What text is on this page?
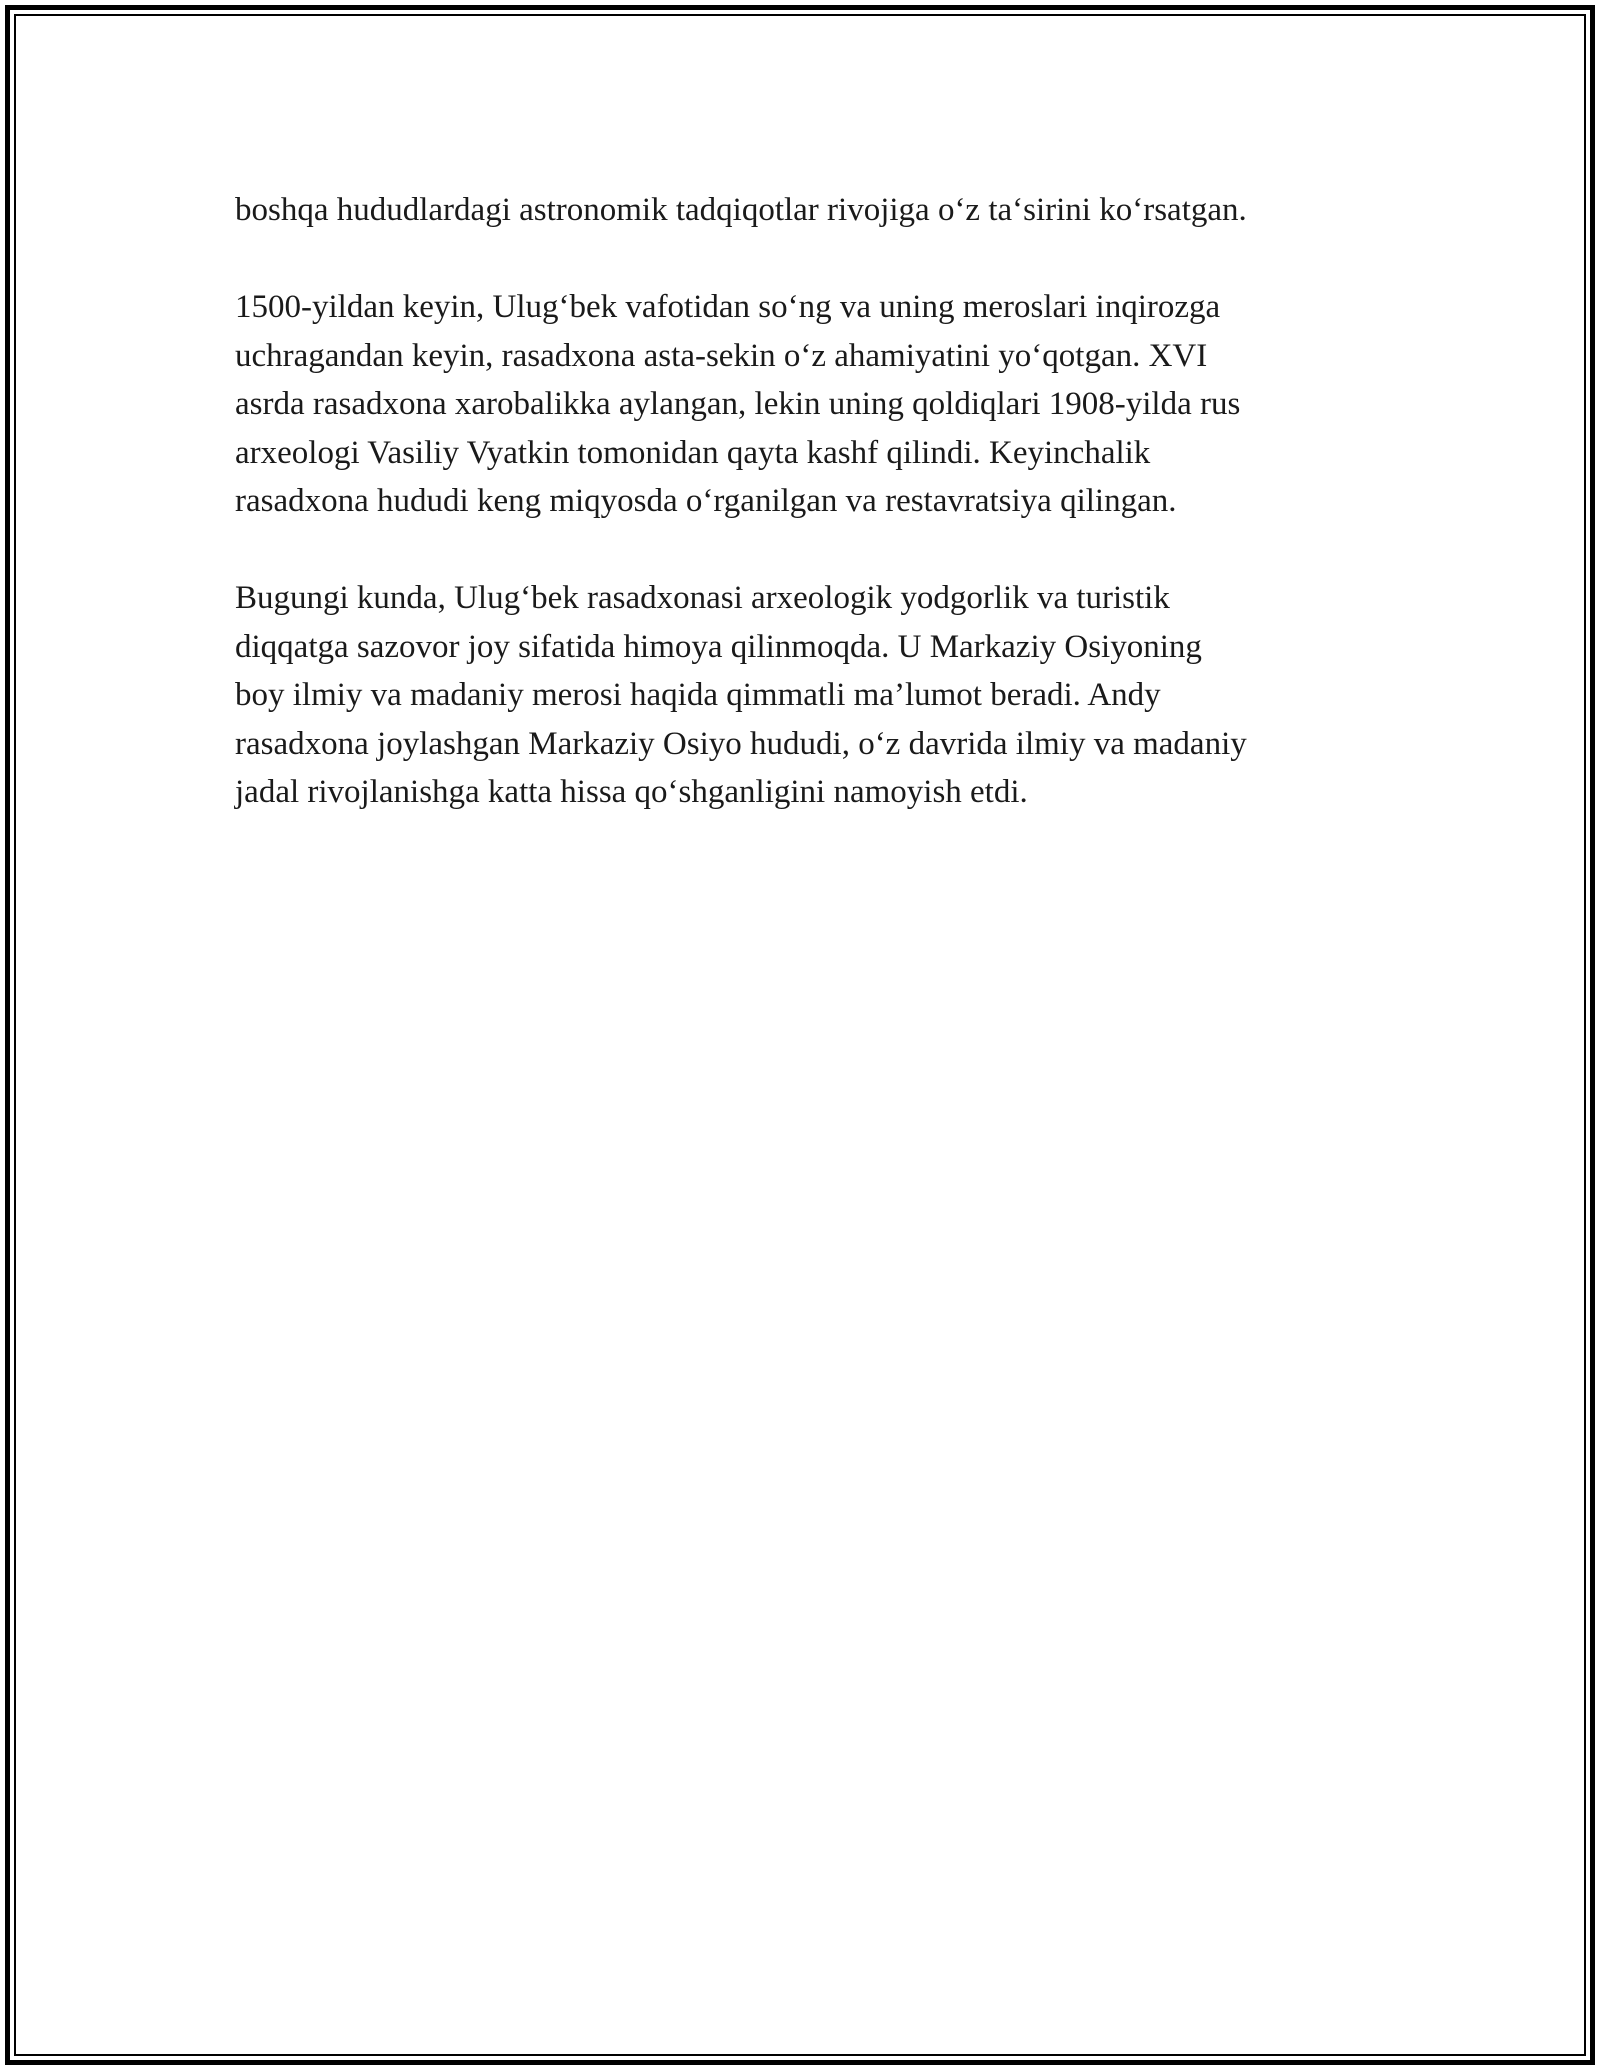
boshqa hududlardagi astronomik tadqiqotlar rivojiga o‘z ta‘sirini ko‘rsatgan.

1500-yildan keyin, Ulug‘bek vafotidan so‘ng va uning meroslari inqirozga
uchragandan keyin, rasadxona asta-sekin o‘z ahamiyatini yo‘qotgan. XVI
asrda rasadxona xarobalikka aylangan, lekin uning qoldiqlari 1908-yilda rus
arxeologi Vasiliy Vyatkin tomonidan qayta kashf qilindi. Keyinchalik
rasadxona hududi keng miqyosda o‘rganilgan va restavratsiya qilingan.

Bugungi kunda, Ulug‘bek rasadxonasi arxeologik yodgorlik va turistik
diqqatga sazovor joy sifatida himoya qilinmoqda. U Markaziy Osiyoning
boy ilmiy va madaniy merosi haqida qimmatli ma’lumot beradi. Andy
rasadxona joylashgan Markaziy Osiyo hududi, o‘z davrida ilmiy va madaniy
jadal rivojlanishga katta hissa qo‘shganligini namoyish etdi.
